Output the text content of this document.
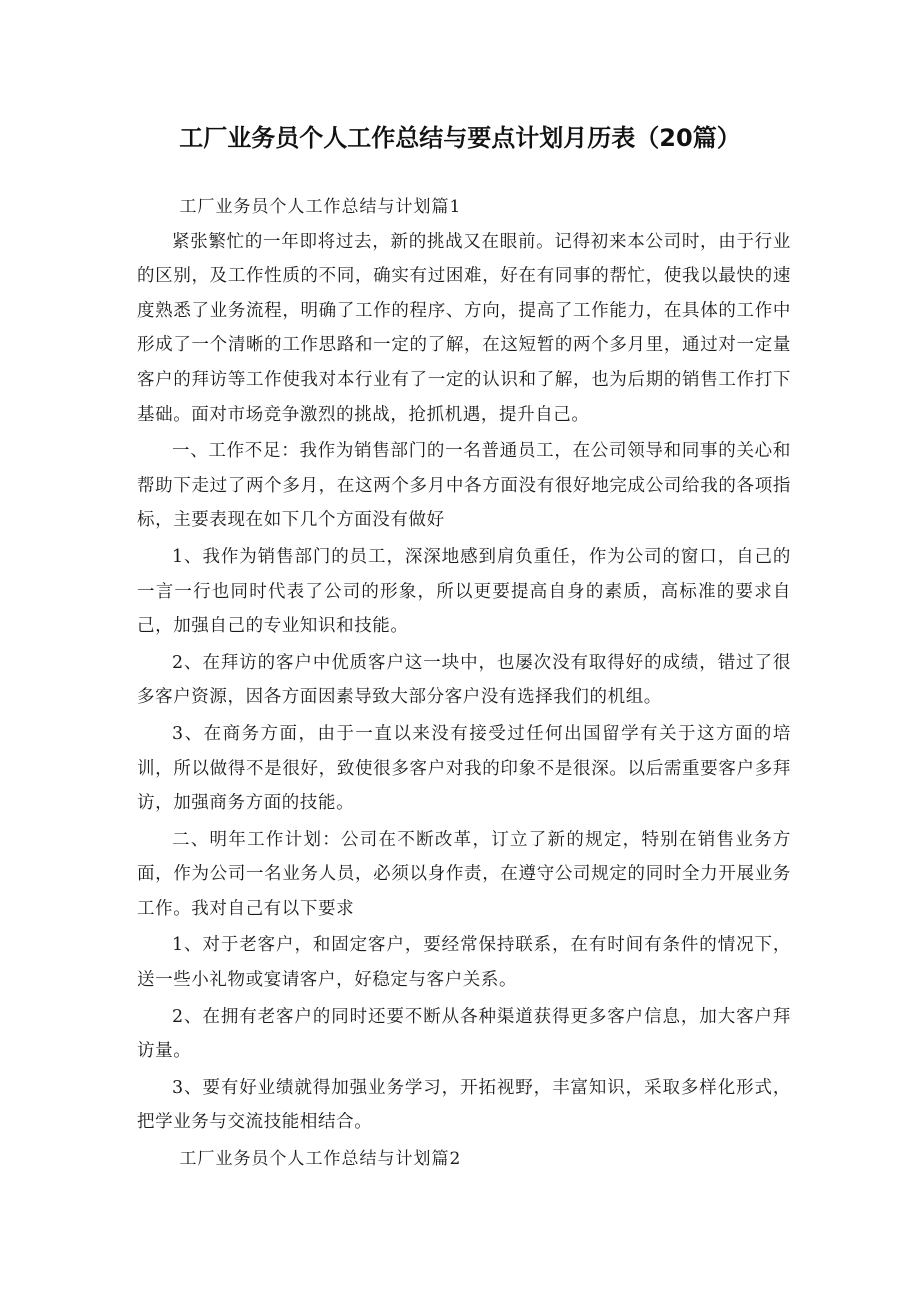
工厂业务员个人工作总结与要点计划月历表（20篇）

工厂业务员个人工作总结与计划篇1

紧张繁忙的一年即将过去，新的挑战又在眼前。记得初来本公司时，由于行业的区别，及工作性质的不同，确实有过困难，好在有同事的帮忙，使我以最快的速度熟悉了业务流程，明确了工作的程序、方向，提高了工作能力，在具体的工作中形成了一个清晰的工作思路和一定的了解，在这短暂的两个多月里，通过对一定量客户的拜访等工作使我对本行业有了一定的认识和了解，也为后期的销售工作打下基础。面对市场竞争激烈的挑战，抢抓机遇，提升自己。

一、工作不足：我作为销售部门的一名普通员工，在公司领导和同事的关心和帮助下走过了两个多月，在这两个多月中各方面没有很好地完成公司给我的各项指标，主要表现在如下几个方面没有做好

1、我作为销售部门的员工，深深地感到肩负重任，作为公司的窗口，自己的一言一行也同时代表了公司的形象，所以更要提高自身的素质，高标准的要求自己，加强自己的专业知识和技能。

2、在拜访的客户中优质客户这一块中，也屡次没有取得好的成绩，错过了很多客户资源，因各方面因素导致大部分客户没有选择我们的机组。

3、在商务方面，由于一直以来没有接受过任何出国留学有关于这方面的培训，所以做得不是很好，致使很多客户对我的印象不是很深。以后需重要客户多拜访，加强商务方面的技能。

二、明年工作计划：公司在不断改革，订立了新的规定，特别在销售业务方面，作为公司一名业务人员，必须以身作责，在遵守公司规定的同时全力开展业务工作。我对自己有以下要求

1、对于老客户，和固定客户，要经常保持联系，在有时间有条件的情况下，送一些小礼物或宴请客户，好稳定与客户关系。

2、在拥有老客户的同时还要不断从各种渠道获得更多客户信息，加大客户拜访量。

3、要有好业绩就得加强业务学习，开拓视野，丰富知识，采取多样化形式，把学业务与交流技能相结合。

工厂业务员个人工作总结与计划篇2
